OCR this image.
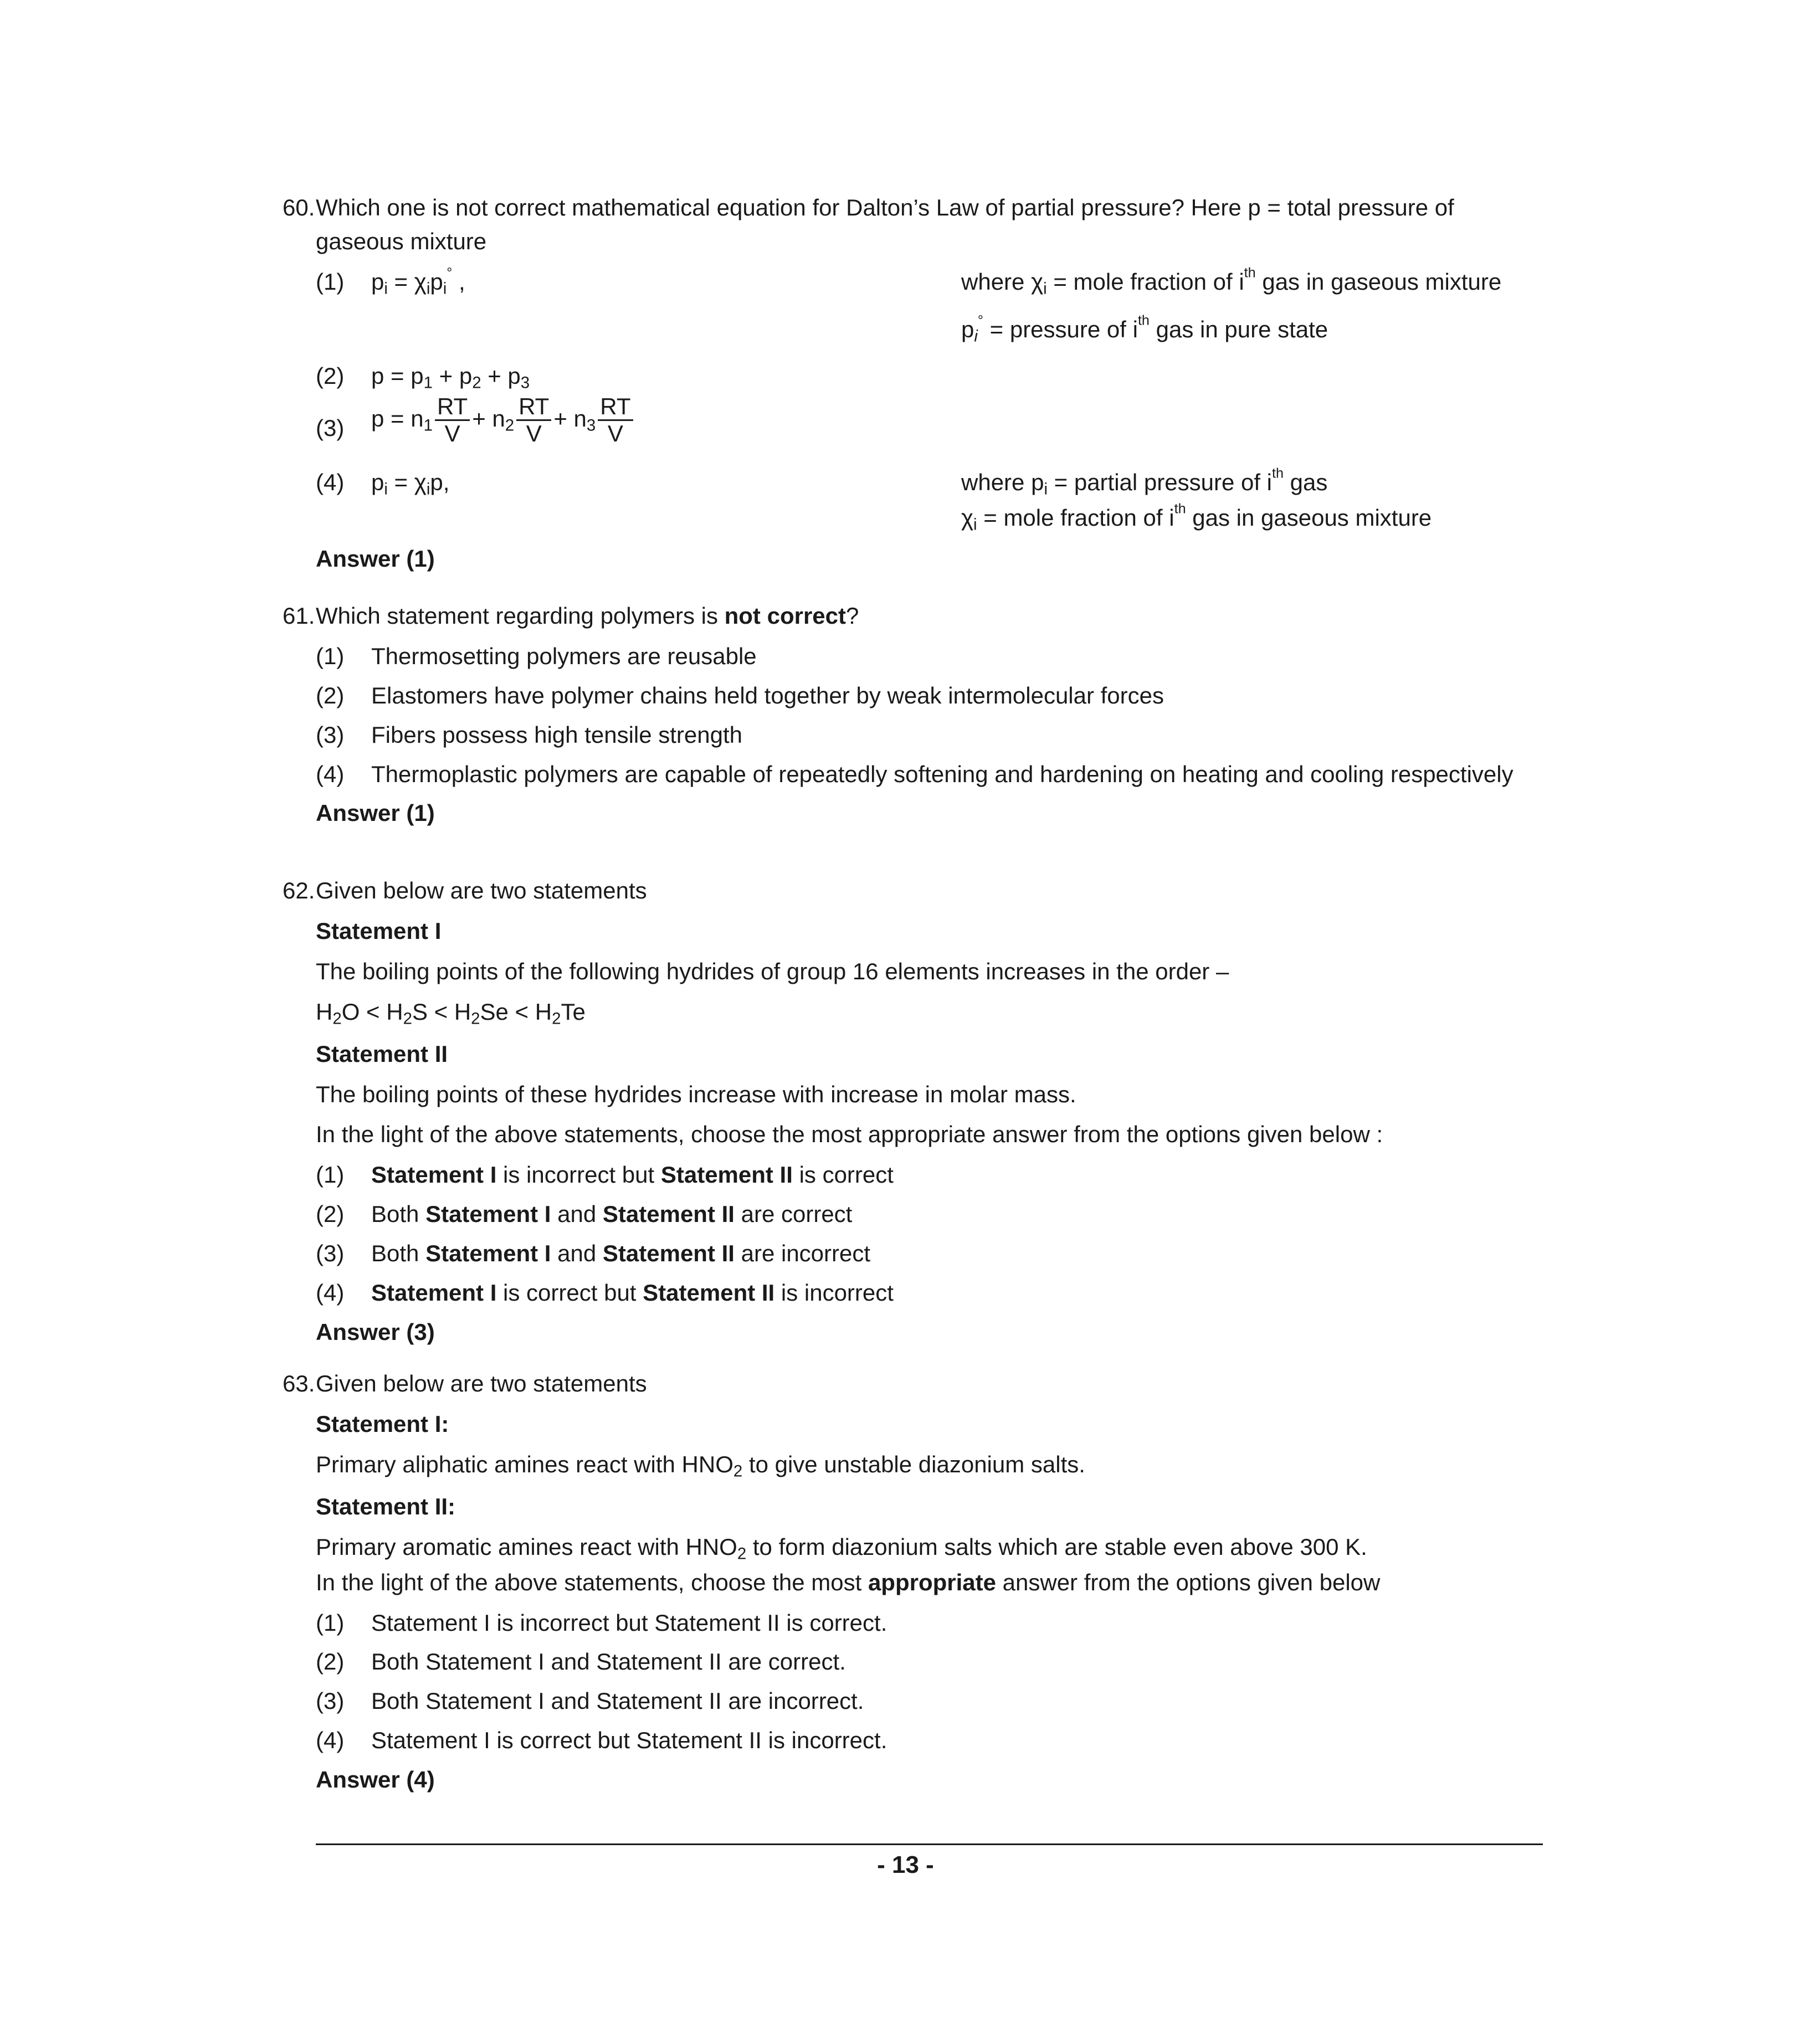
60. Which one is not correct mathematical equation for Dalton’s Law of partial pressure? Here p = total pressure of gaseous mixture
(1) $p_i = \chi_ip_i^\circ$ ,	where $\chi_i$ = mole fraction of $i^{th}$ gas in gaseous mixture
$p_i^\circ$ = pressure of $i^{th}$ gas in pure state
(2) $p = p_1 + p_2 + p_3$
(3) $p = n_1 \frac{RT}{V} + n_2 \frac{RT}{V} + n_3 \frac{RT}{V}$
(4) $p_i = \chi_ip$,	where $p_i$ = partial pressure of $i^{th}$ gas
$\chi_i$ = mole fraction of $i^{th}$ gas in gaseous mixture
Answer (1)
61. Which statement regarding polymers is not correct?
(1) Thermosetting polymers are reusable
(2) Elastomers have polymer chains held together by weak intermolecular forces
(3) Fibers possess high tensile strength
(4) Thermoplastic polymers are capable of repeatedly softening and hardening on heating and cooling respectively
Answer (1)
62. Given below are two statements
Statement I
The boiling points of the following hydrides of group 16 elements increases in the order –
$H_2O < H_2S < H_2Se < H_2Te$
Statement II
The boiling points of these hydrides increase with increase in molar mass.
In the light of the above statements, choose the most appropriate answer from the options given below :
(1) Statement I is incorrect but Statement II is correct
(2) Both Statement I and Statement II are correct
(3) Both Statement I and Statement II are incorrect
(4) Statement I is correct but Statement II is incorrect
Answer (3)
63. Given below are two statements
Statement I:
Primary aliphatic amines react with $HNO_2$ to give unstable diazonium salts.
Statement II:
Primary aromatic amines react with $HNO_2$ to form diazonium salts which are stable even above 300 K.
In the light of the above statements, choose the most appropriate answer from the options given below
(1) Statement I is incorrect but Statement II is correct.
(2) Both Statement I and Statement II are correct.
(3) Both Statement I and Statement II are incorrect.
(4) Statement I is correct but Statement II is incorrect.
Answer (4)
- 13 -
